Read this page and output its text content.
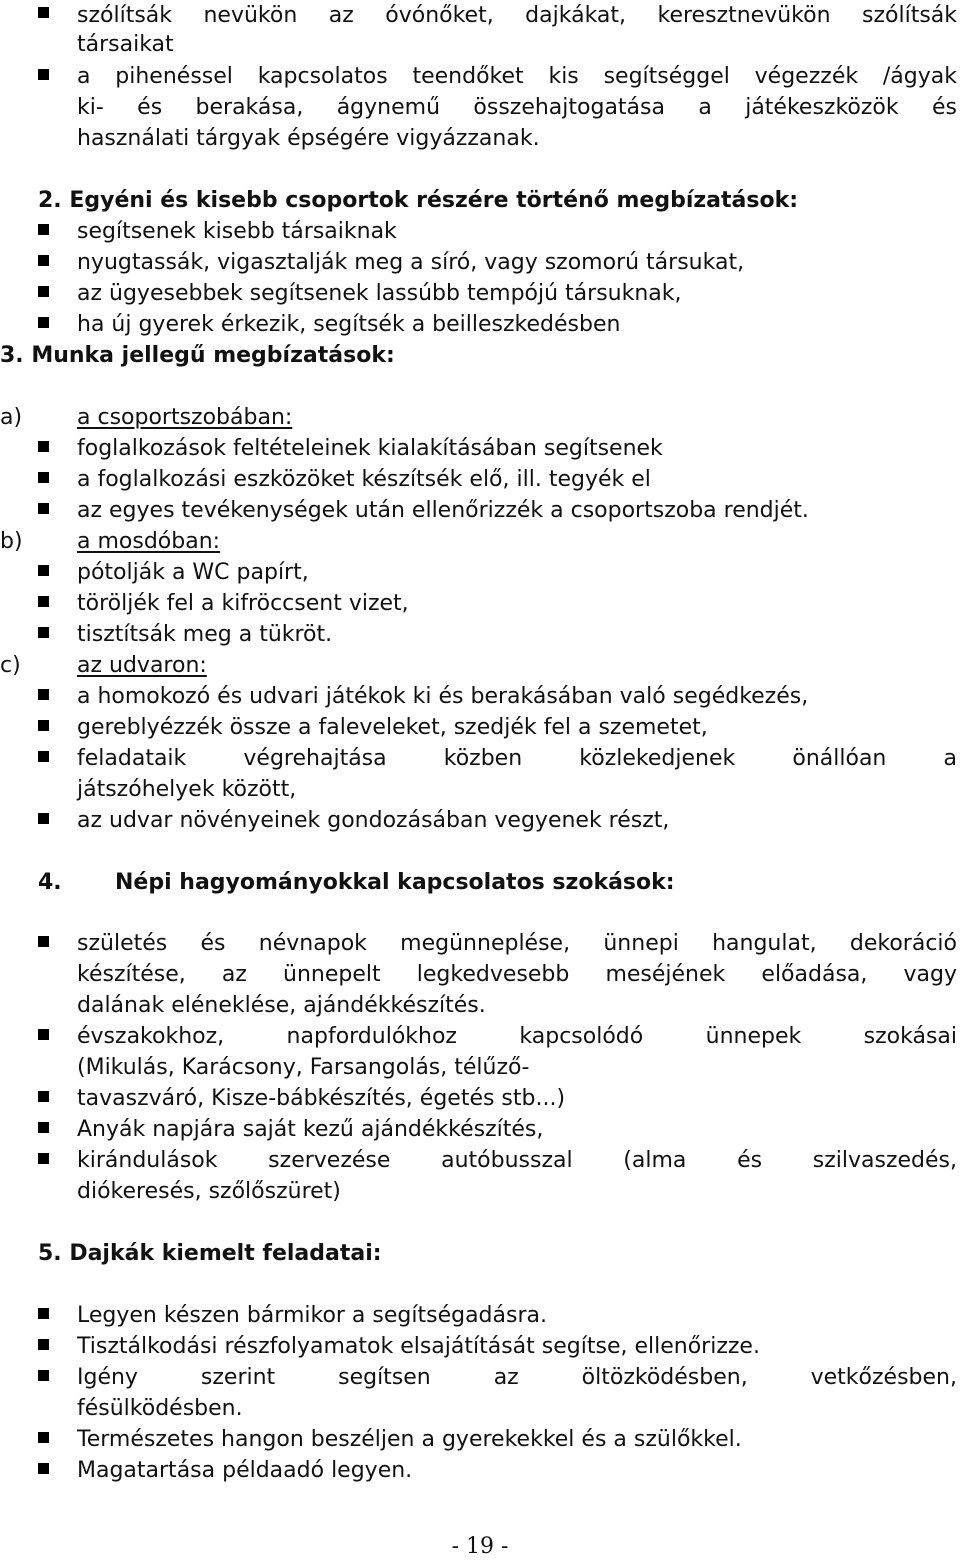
szólítsák nevükön az óvónőket, dajkákat, keresztnevükön szólítsák
társaikat
a pihenéssel kapcsolatos teendőket kis segítséggel végezzék /ágyak
ki- és berakása, ágynemű összehajtogatása a játékeszközök és
használati tárgyak épségére vigyázzanak.
2. Egyéni és kisebb csoportok részére történő megbízatások:
segítsenek kisebb társaiknak
nyugtassák, vigasztalják meg a síró, vagy szomorú társukat,
az ügyesebbek segítsenek lassúbb tempójú társuknak,
ha új gyerek érkezik, segítsék a beilleszkedésben
3. Munka jellegű megbízatások:
a) a csoportszobában:
foglalkozások feltételeinek kialakításában segítsenek
a foglalkozási eszközöket készítsék elő, ill. tegyék el
az egyes tevékenységek után ellenőrizzék a csoportszoba rendjét.
b) a mosdóban:
pótolják a WC papírt,
töröljék fel a kifröccsent vizet,
tisztítsák meg a tükröt.
c)	az udvaron:
a homokozó és udvari játékok ki és berakásában való segédkezés,
gereblyézzék össze a faleveleket, szedjék fel a szemetet,
feladataik végrehajtása közben közlekedjenek önállóan a
játszóhelyek között,
az udvar növényeinek gondozásában vegyenek részt,
4. Népi hagyományokkal kapcsolatos szokások:
születés és névnapok megünneplése, ünnepi hangulat, dekoráció
készítése, az ünnepelt legkedvesebb meséjének előadása, vagy
dalának eléneklése, ajándékkészítés.
évszakokhoz, napfordulókhoz kapcsolódó ünnepek szokásai
(Mikulás, Karácsony, Farsangolás, télűző-
tavaszváró, Kisze-bábkészítés, égetés stb...)
Anyák napjára saját kezű ajándékkészítés,
kirándulások szervezése autóbusszal (alma és szilvaszedés,
diókeresés, szőlőszüret)
5. Dajkák kiemelt feladatai:
Legyen készen bármikor a segítségadásra.
Tisztálkodási részfolyamatok elsajátítását segítse, ellenőrizze.
Igény szerint segítsen az öltözködésben, vetkőzésben,
fésülködésben.
Természetes hangon beszéljen a gyerekekkel és a szülőkkel.
Magatartása példaadó legyen.
- 19 -
